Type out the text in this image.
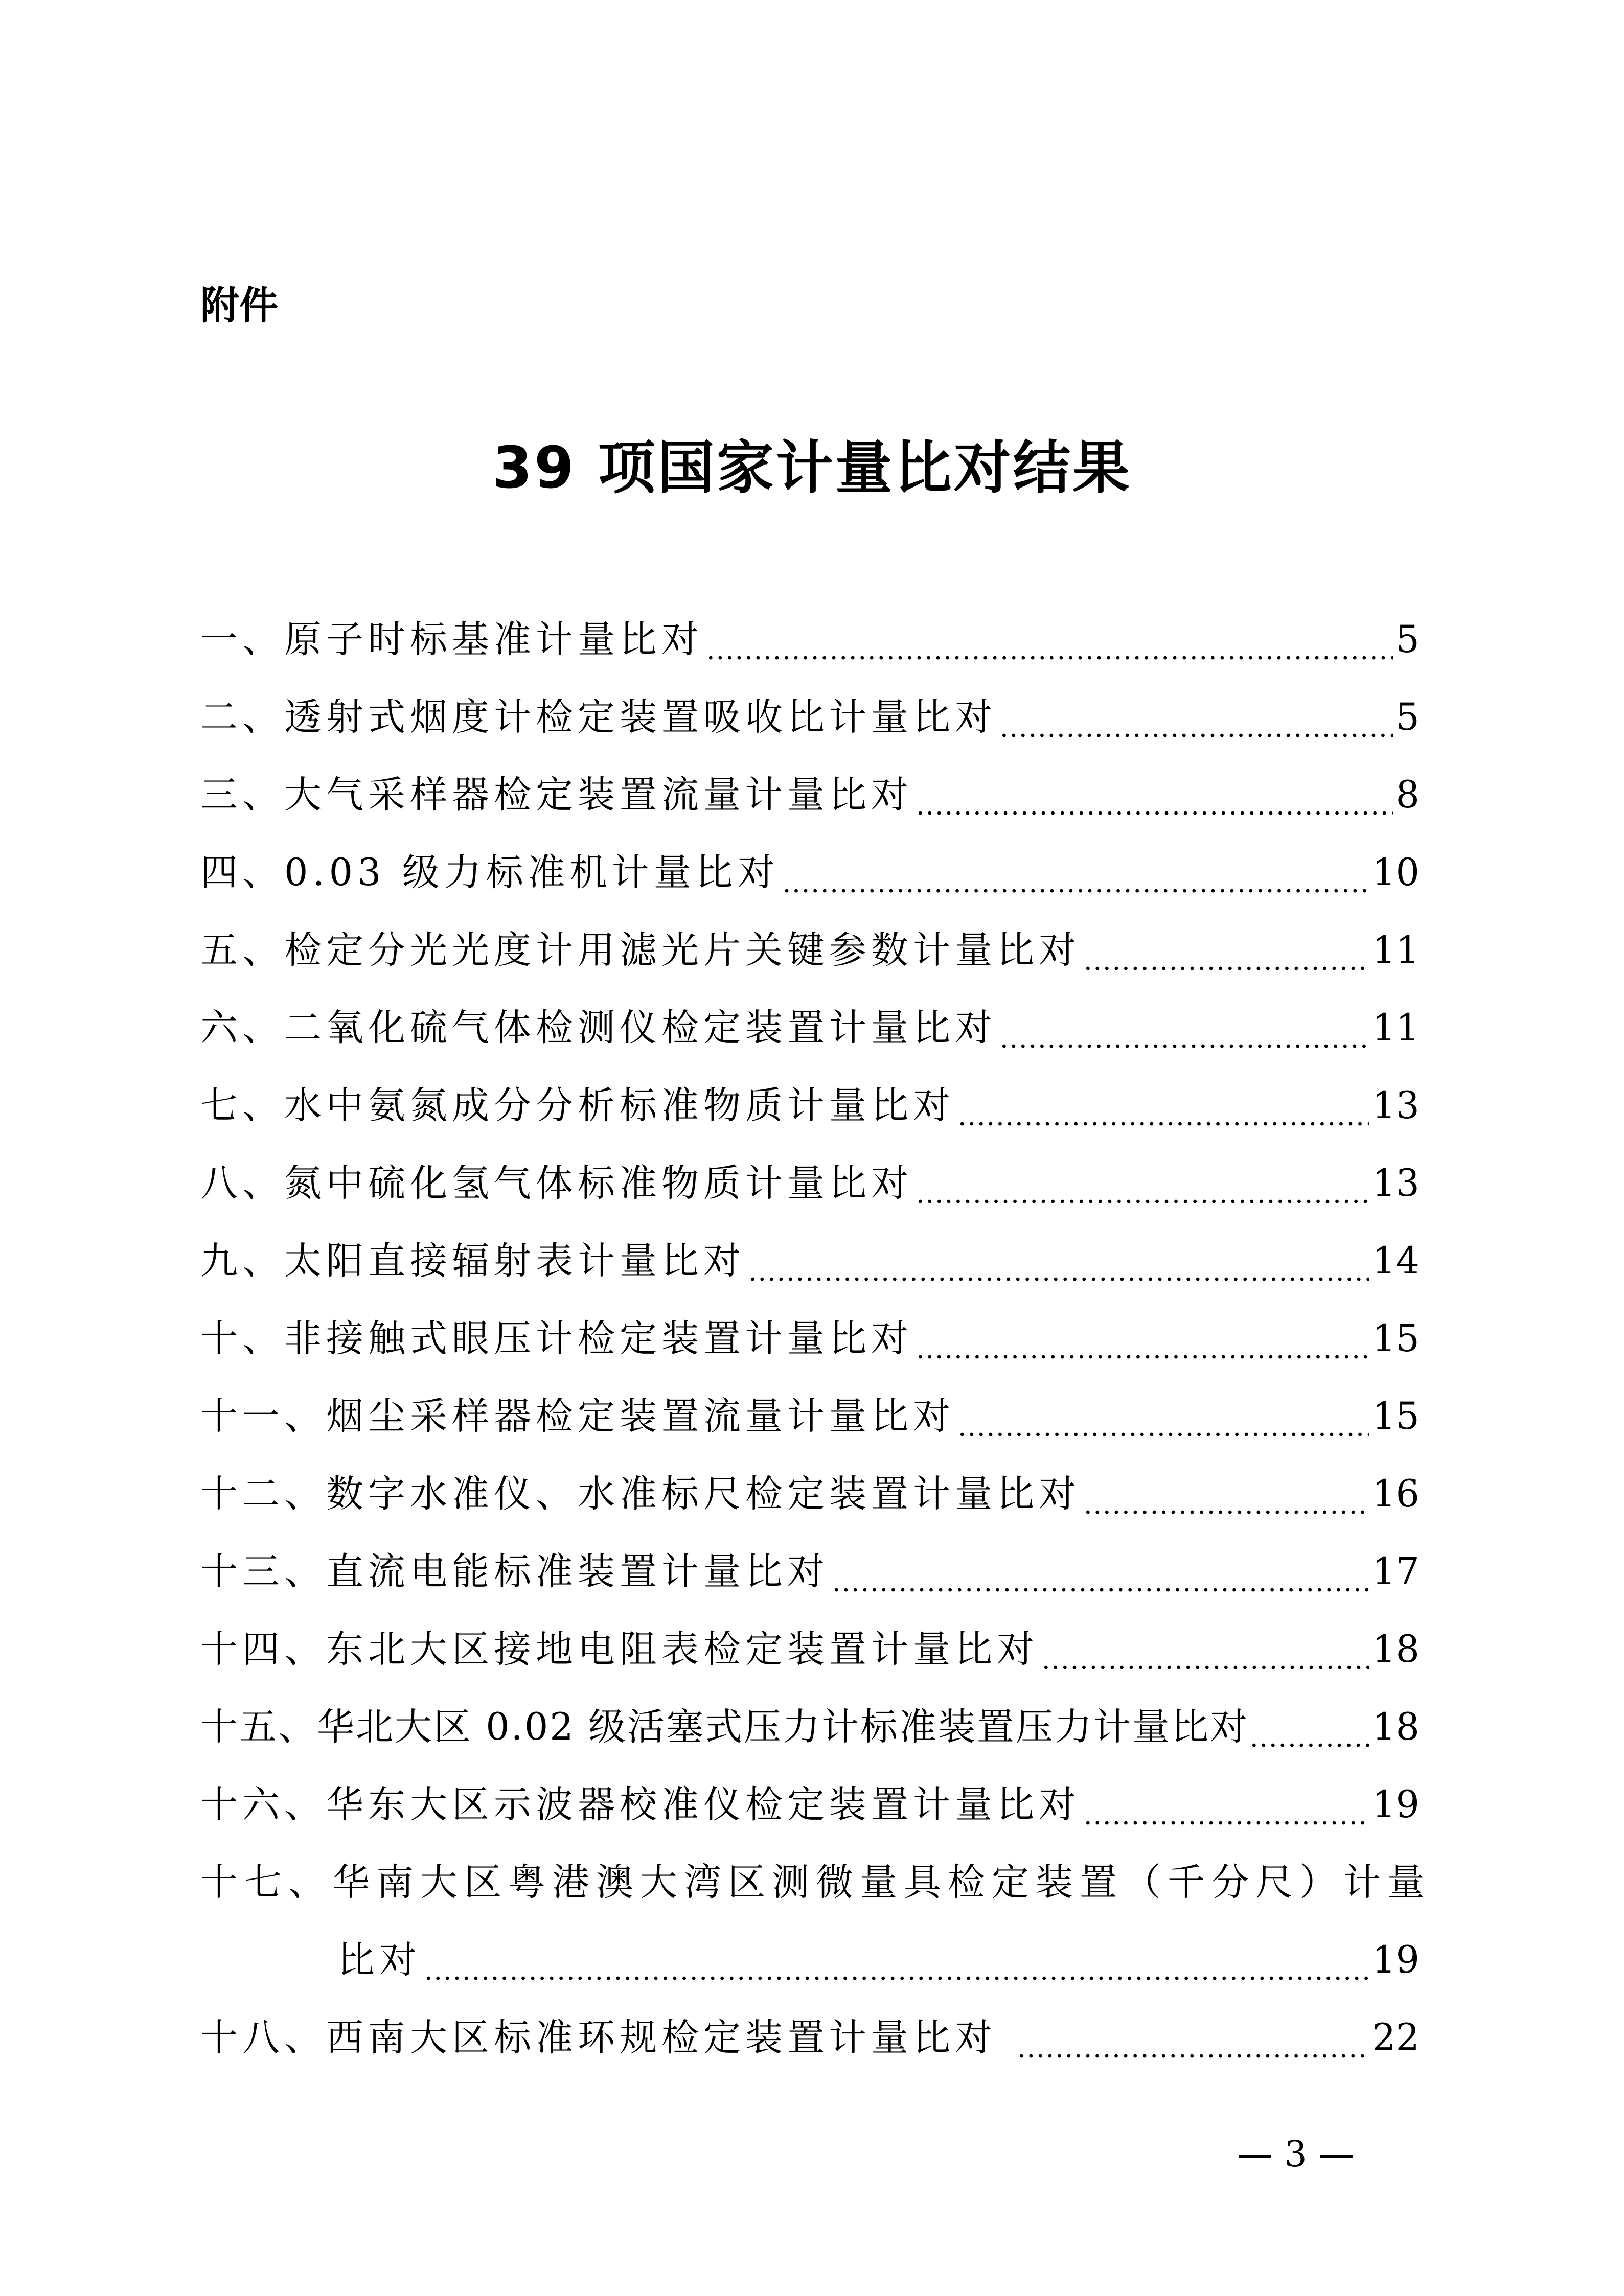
附件
39 项国家计量比对结果
一、原子时标基准计量比对 .....	5
二、透射式烟度计检定装置吸收比计量比对 .....	5
三、大气采样器检定装置流量计量比对 .....	8
四、0.03 级力标准机计量比对 .....	10
五、检定分光光度计用滤光片关键参数计量比对 .....	11
六、二氧化硫气体检测仪检定装置计量比对 .....	11
七、水中氨氮成分分析标准物质计量比对 .....	13
八、氮中硫化氢气体标准物质计量比对 .....	13
九、太阳直接辐射表计量比对 .....	14
十、非接触式眼压计检定装置计量比对 .....	15
十一、烟尘采样器检定装置流量计量比对 .....	15
十二、数字水准仪、水准标尺检定装置计量比对 .....	16
十三、直流电能标准装置计量比对 .....	17
十四、东北大区接地电阻表检定装置计量比对 .....	18
十五、华北大区 0.02 级活塞式压力计标准装置压力计量比对 .....	18
十六、华东大区示波器校准仪检定装置计量比对 .....	19
十七、华南大区粤港澳大湾区测微量具检定装置（千分尺）计量
比对 .....	19
十八、西南大区标准环规检定装置计量比对 .....	22
— 3 —
